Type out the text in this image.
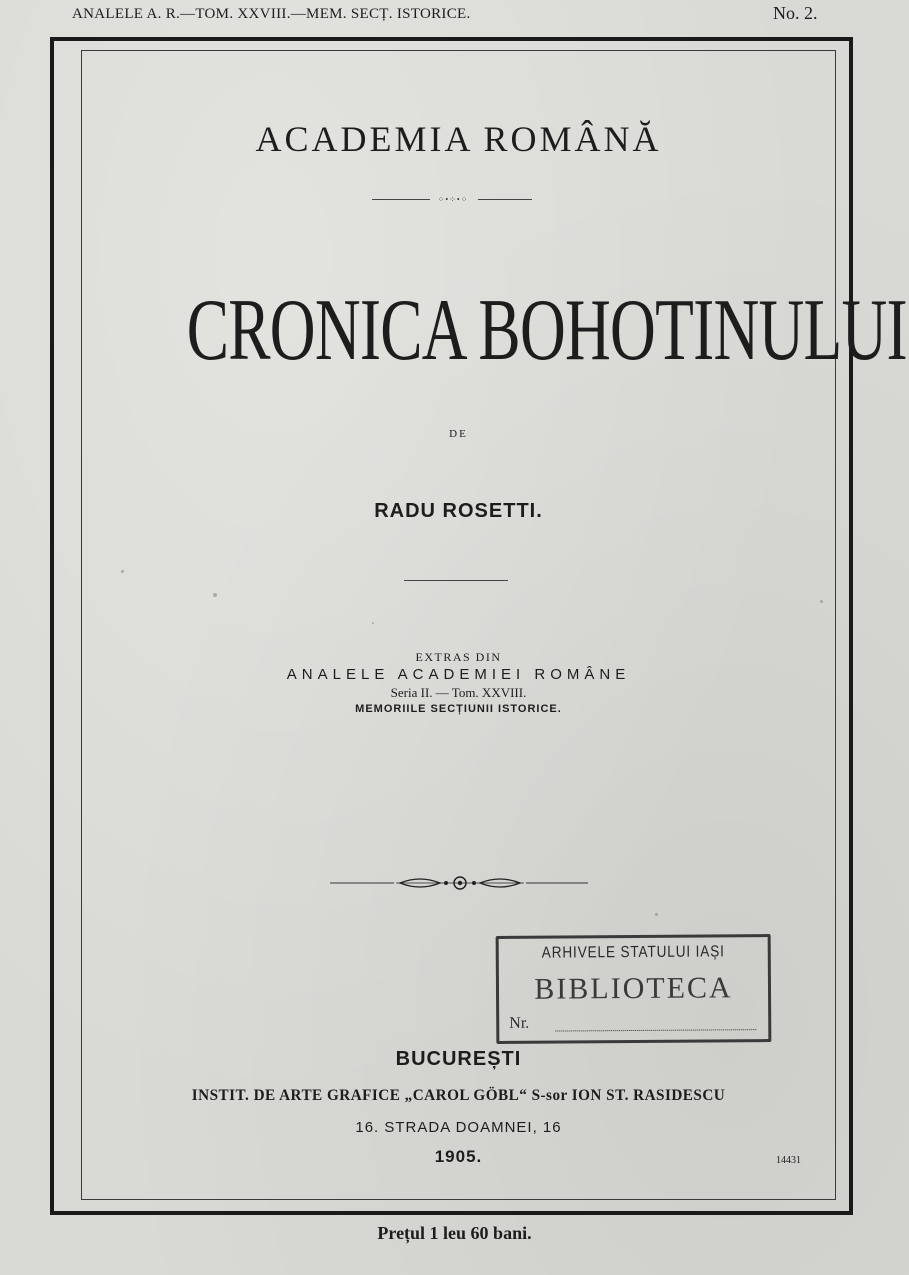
ANALELE A. R.—TOM. XXVIII.—MEM. SECȚ. ISTORICE.	No. 2.
ACADEMIA ROMÂNĂ
⁘•⁘•⁘
CRONICA BOHOTINULUI
DE
RADU ROSETTI.
EXTRAS DIN
ANALELE ACADEMIEI ROMÂNE
Seria II. — Tom. XXVIII.
MEMORIILE SECȚIUNII ISTORICE.
ARHIVELE STATULUI IAȘI
BIBLIOTECA
Nr.
BUCUREȘTI
INSTIT. DE ARTE GRAFICE „CAROL GÖBL“ S-sor ION ST. RASIDESCU
16. STRADA DOAMNEI, 16
1905.	14431
Prețul 1 leu 60 bani.
